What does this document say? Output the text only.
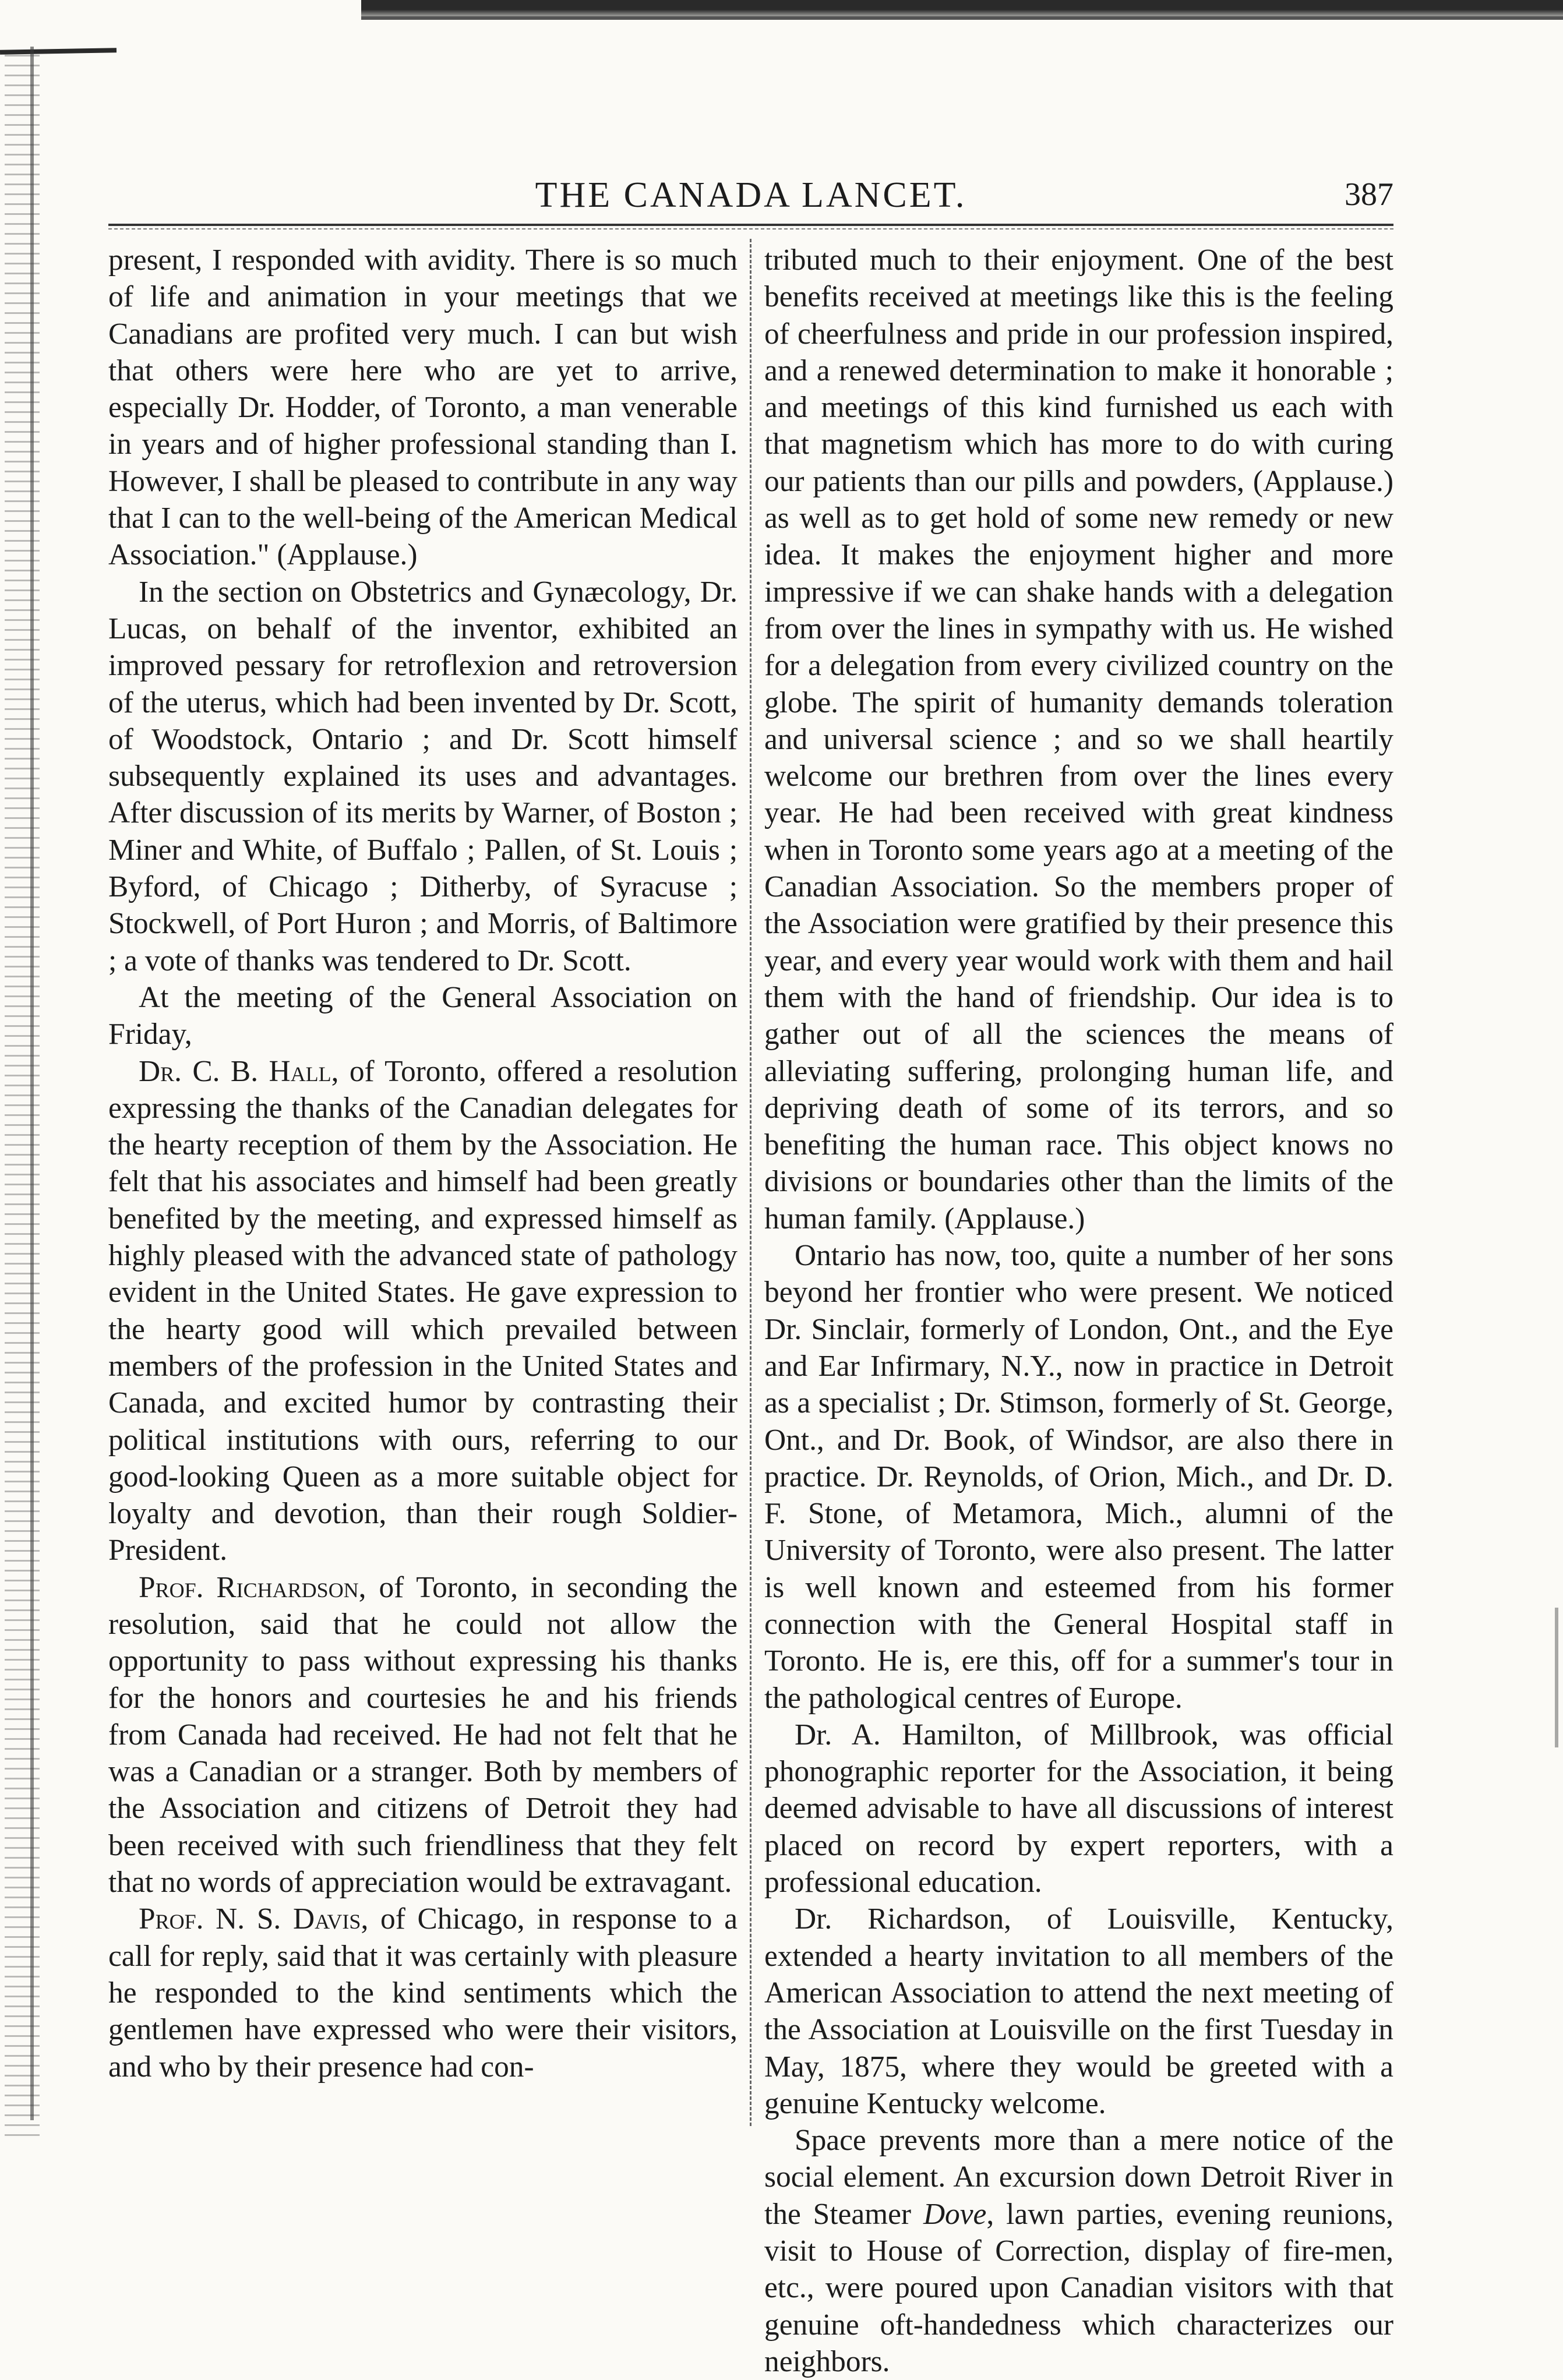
THE CANADA LANCET.	387

present, I responded with avidity. There is so much of life and animation in your meetings that we Canadians are profited very much. I can but wish that others were here who are yet to arrive, especially Dr. Hodder, of Toronto, a man venerable in years and of higher professional standing than I. However, I shall be pleased to contribute in any way that I can to the well-being of the American Medical Association." (Applause.)

In the section on Obstetrics and Gynæcology, Dr. Lucas, on behalf of the inventor, exhibited an improved pessary for retroflexion and retroversion of the uterus, which had been invented by Dr. Scott, of Woodstock, Ontario ; and Dr. Scott himself subsequently explained its uses and advantages. After discussion of its merits by Warner, of Boston ; Miner and White, of Buffalo ; Pallen, of St. Louis ; Byford, of Chicago ; Ditherby, of Syracuse ; Stockwell, of Port Huron ; and Morris, of Baltimore ; a vote of thanks was tendered to Dr. Scott.

At the meeting of the General Association on Friday,

Dr. C. B. Hall, of Toronto, offered a resolution expressing the thanks of the Canadian delegates for the hearty reception of them by the Association. He felt that his associates and himself had been greatly benefited by the meeting, and expressed himself as highly pleased with the advanced state of pathology evident in the United States. He gave expression to the hearty good will which prevailed between members of the profession in the United States and Canada, and excited humor by contrasting their political institutions with ours, referring to our good-looking Queen as a more suitable object for loyalty and devotion, than their rough Soldier-President.

Prof. Richardson, of Toronto, in seconding the resolution, said that he could not allow the opportunity to pass without expressing his thanks for the honors and courtesies he and his friends from Canada had received. He had not felt that he was a Canadian or a stranger. Both by members of the Association and citizens of Detroit they had been received with such friendliness that they felt that no words of appreciation would be extravagant.

Prof. N. S. Davis, of Chicago, in response to a call for reply, said that it was certainly with pleasure he responded to the kind sentiments which the gentlemen have expressed who were their visitors, and who by their presence had con-

tributed much to their enjoyment. One of the best benefits received at meetings like this is the feeling of cheerfulness and pride in our profession inspired, and a renewed determination to make it honorable ; and meetings of this kind furnished us each with that magnetism which has more to do with curing our patients than our pills and powders, (Applause.) as well as to get hold of some new remedy or new idea. It makes the enjoyment higher and more impressive if we can shake hands with a delegation from over the lines in sympathy with us. He wished for a delegation from every civilized country on the globe. The spirit of humanity demands toleration and universal science ; and so we shall heartily welcome our brethren from over the lines every year. He had been received with great kindness when in Toronto some years ago at a meeting of the Canadian Association. So the members proper of the Association were gratified by their presence this year, and every year would work with them and hail them with the hand of friendship. Our idea is to gather out of all the sciences the means of alleviating suffering, prolonging human life, and depriving death of some of its terrors, and so benefiting the human race. This object knows no divisions or boundaries other than the limits of the human family. (Applause.)

Ontario has now, too, quite a number of her sons beyond her frontier who were present. We noticed Dr. Sinclair, formerly of London, Ont., and the Eye and Ear Infirmary, N.Y., now in practice in Detroit as a specialist ; Dr. Stimson, formerly of St. George, Ont., and Dr. Book, of Windsor, are also there in practice. Dr. Reynolds, of Orion, Mich., and Dr. D. F. Stone, of Metamora, Mich., alumni of the University of Toronto, were also present. The latter is well known and esteemed from his former connection with the General Hospital staff in Toronto. He is, ere this, off for a summer's tour in the pathological centres of Europe.

Dr. A. Hamilton, of Millbrook, was official phonographic reporter for the Association, it being deemed advisable to have all discussions of interest placed on record by expert reporters, with a professional education.

Dr. Richardson, of Louisville, Kentucky, extended a hearty invitation to all members of the American Association to attend the next meeting of the Association at Louisville on the first Tuesday in May, 1875, where they would be greeted with a genuine Kentucky welcome.

Space prevents more than a mere notice of the social element. An excursion down Detroit River in the Steamer Dove, lawn parties, evening reunions, visit to House of Correction, display of fire-men, etc., were poured upon Canadian visitors with that genuine oft-handedness which characterizes our neighbors.
